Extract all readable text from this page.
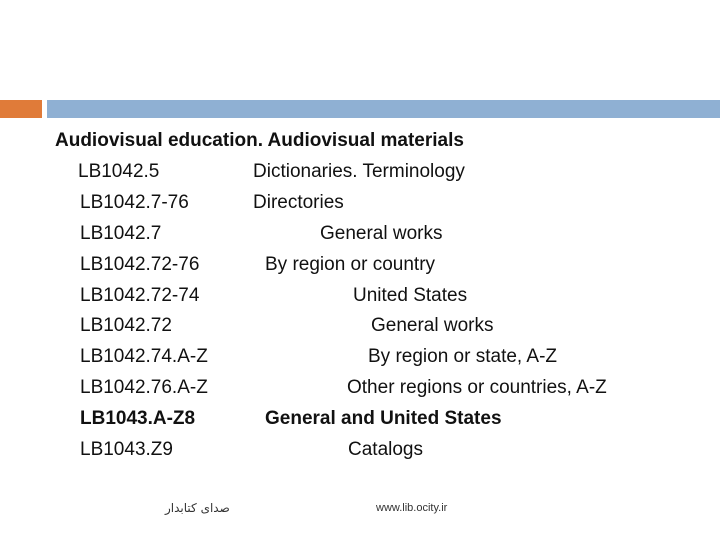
Audiovisual education. Audiovisual materials
LB1042.5	Dictionaries. Terminology
LB1042.7-76	Directories
LB1042.7	General works
LB1042.72-76	By region or country
LB1042.72-74	United States
LB1042.72	General works
LB1042.74.A-Z	By region or state, A-Z
LB1042.76.A-Z	Other regions or countries, A-Z
LB1043.A-Z8	General and United States
LB1043.Z9	Catalogs
صدای کتابدار	www.lib.ocity.ir
